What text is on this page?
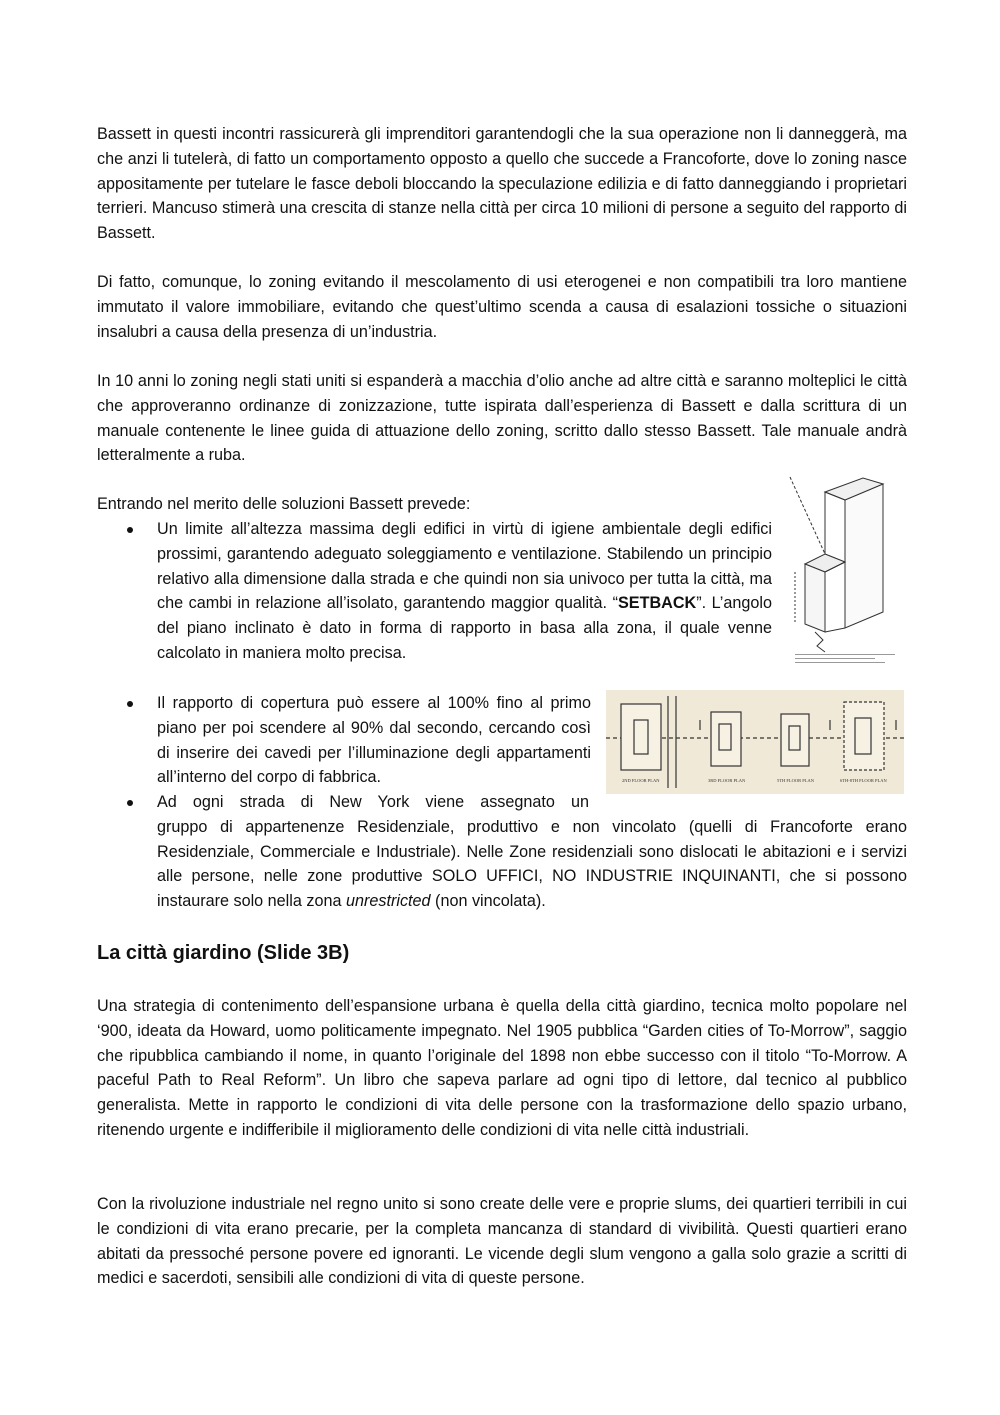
Bassett in questi incontri rassicurerà gli imprenditori garantendogli che la sua operazione non li danneggerà, ma che anzi li tutelerà, di fatto un comportamento opposto a quello che succede a Francoforte, dove lo zoning nasce appositamente per tutelare le fasce deboli bloccando la speculazione edilizia e di fatto danneggiando i proprietari terrieri. Mancuso stimerà una crescita di stanze nella città per circa 10 milioni di persone a seguito del rapporto di Bassett.

Di fatto, comunque, lo zoning evitando il mescolamento di usi eterogenei e non compatibili tra loro mantiene immutato il valore immobiliare, evitando che quest’ultimo scenda a causa di esalazioni tossiche o situazioni insalubri a causa della presenza di un’industria.

In 10 anni lo zoning negli stati uniti si espanderà a macchia d’olio anche ad altre città e saranno molteplici le città che approveranno ordinanze di zonizzazione, tutte ispirata dall’esperienza di Bassett e dalla scrittura di un manuale contenente le linee guida di attuazione dello zoning, scritto dallo stesso Bassett. Tale manuale andrà letteralmente a ruba.

Entrando nel merito delle soluzioni Bassett prevede:

Un limite all’altezza massima degli edifici in virtù di igiene ambientale degli edifici prossimi, garantendo adeguato soleggiamento e ventilazione. Stabilendo un principio relativo alla dimensione dalla strada e che quindi non sia univoco per tutta la città, ma che cambi in relazione all’isolato, garantendo maggior qualità. “SETBACK”. L’angolo del piano inclinato è dato in forma di rapporto in basa alla zona, il quale venne calcolato in maniera molto precisa.
Il rapporto di copertura può essere al 100% fino al primo piano per poi scendere al 90% dal secondo, cercando così di inserire dei cavedi per l’illuminazione degli appartamenti all’interno del corpo di fabbrica.
Ad ogni strada di New York viene assegnato un
gruppo di appartenenze Residenziale, produttivo e non vincolato (quelli di Francoforte erano Residenziale, Commerciale e Industriale). Nelle Zone residenziali sono dislocati le abitazioni e i servizi alle persone, nelle zone produttive SOLO UFFICI, NO INDUSTRIE INQUINANTI, che si possono instaurare solo nella zona unrestricted (non vincolata).
La città giardino (Slide 3B)

Una strategia di contenimento dell’espansione urbana è quella della città giardino, tecnica molto popolare nel ‘900, ideata da Howard, uomo politicamente impegnato. Nel 1905 pubblica “Garden cities of To-Morrow”, saggio che ripubblica cambiando il nome, in quanto l’originale del 1898 non ebbe successo con il titolo “To-Morrow. A paceful Path to Real Reform”. Un libro che sapeva parlare ad ogni tipo di lettore, dal tecnico al pubblico generalista. Mette in rapporto le condizioni di vita delle persone con la trasformazione dello spazio urbano, ritenendo urgente e indifferibile il miglioramento delle condizioni di vita nelle città industriali.

Con la rivoluzione industriale nel regno unito si sono create delle vere e proprie slums, dei quartieri terribili in cui le condizioni di vita erano precarie, per la completa mancanza di standard di vivibilità. Questi quartieri erano abitati da pressoché persone povere ed ignoranti. Le vicende degli slum vengono a galla solo grazie a scritti di medici e sacerdoti, sensibili alle condizioni di vita di queste persone.

2ND FLOOR PLAN	3RD FLOOR PLAN	5TH FLOOR PLAN	6TH-8TH FLOOR PLAN
